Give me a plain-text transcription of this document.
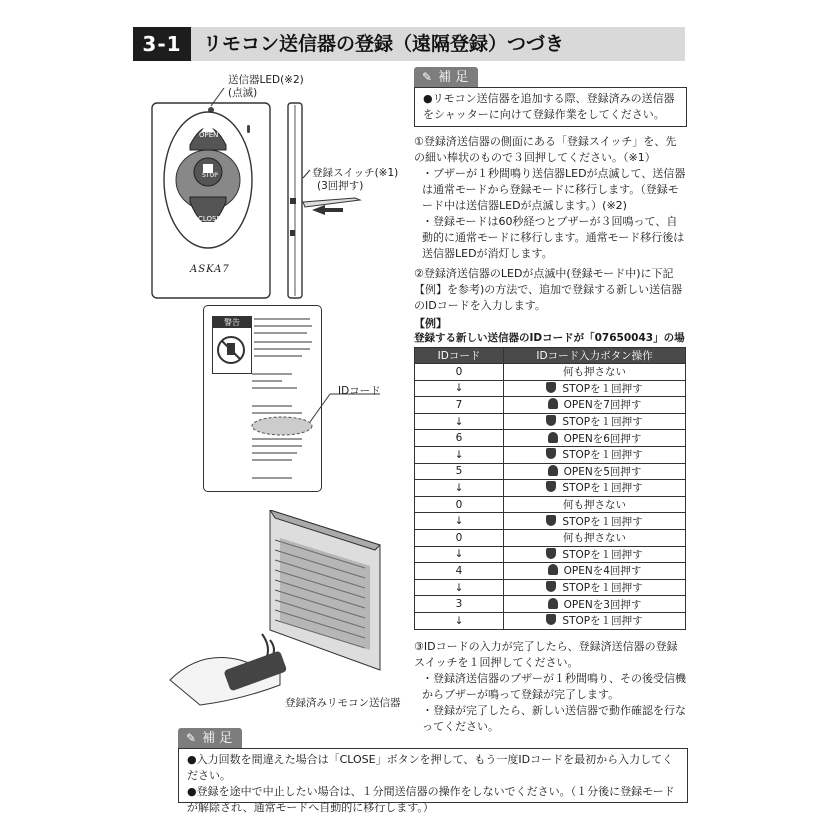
3-1	リモコン送信器の登録（遠隔登録）つづき
送信器LED(※2)
(点滅)
登録スイッチ(※1)
(3回押す)
OPEN
STOP
CLOSE
ASKA7
警告
IDコード
登録済みリモコン送信器
✎ 補 足
●リモコン送信器を追加する際、登録済みの送信器をシャッターに向けて登録作業をしてください。
①登録済送信器の側面にある「登録スイッチ」を、先の細い棒状のもので３回押してください。（※1）
・ブザーが１秒間鳴り送信器LEDが点滅して、送信器は通常モードから登録モードに移行します。（登録モード中は送信器LEDが点滅します。）(※2)
・登録モードは60秒経つとブザーが３回鳴って、自動的に通常モードに移行します。通常モード移行後は送信器LEDが消灯します。
②登録済送信器のLEDが点滅中(登録モード中)に下記【例】を参考)の方法で、追加で登録する新しい送信器のIDコードを入力します。
【例】
登録する新しい送信器のIDコードが「07650043」の場
IDコード	IDコード入力ボタン操作
0	何も押さない
↓	STOPを１回押す
7	OPENを7回押す
↓	STOPを１回押す
6	OPENを6回押す
↓	STOPを１回押す
5	OPENを5回押す
↓	STOPを１回押す
0	何も押さない
↓	STOPを１回押す
0	何も押さない
↓	STOPを１回押す
4	OPENを4回押す
↓	STOPを１回押す
3	OPENを3回押す
↓	STOPを１回押す
③IDコードの入力が完了したら、登録済送信器の登録スイッチを１回押してください。
・登録済送信器のブザーが１秒間鳴り、その後受信機からブザーが鳴って登録が完了します。
・登録が完了したら、新しい送信器で動作確認を行なってください。
✎ 補 足
●入力回数を間違えた場合は「CLOSE」ボタンを押して、もう一度IDコードを最初から入力してください。
●登録を途中で中止したい場合は、１分間送信器の操作をしないでください。（１分後に登録モードが解除され、通常モードへ自動的に移行します。）
